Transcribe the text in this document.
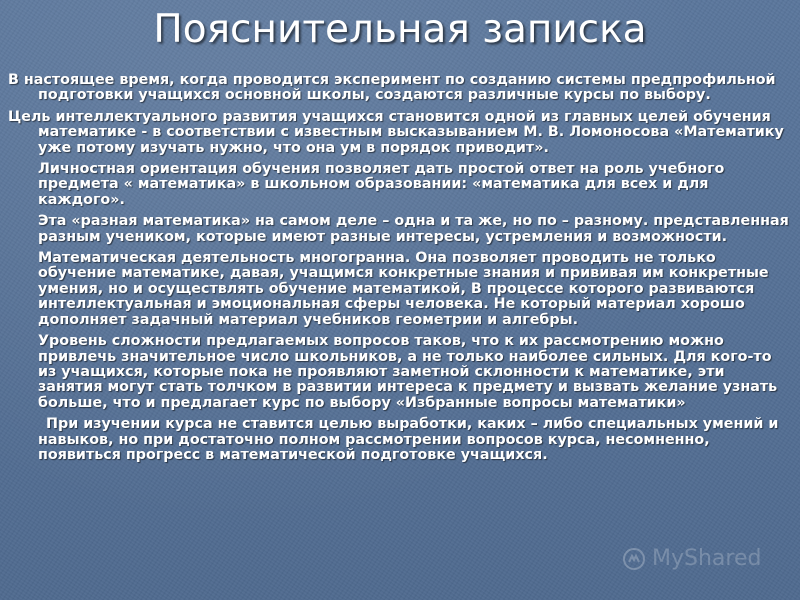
Пояснительная записка

В настоящее время, когда проводится эксперимент по созданию системы предпрофильной подготовки учащихся основной школы, создаются различные курсы по выбору.

Цель интеллектуального развития учащихся становится одной из главных целей обучения математике - в соответствии с известным высказыванием М. В. Ломоносова «Математику уже потому изучать нужно, что она ум в порядок приводит».

Личностная ориентация обучения позволяет дать простой ответ на роль учебного предмета « математика» в школьном образовании: «математика для всех и для каждого».

Эта «разная математика» на самом деле – одна и та же, но по – разному. представленная разным учеником, которые имеют разные интересы, устремления и возможности.

Математическая деятельность многогранна. Она позволяет проводить не только обучение математике, давая, учащимся конкретные знания и прививая им конкретные умения, но и осуществлять обучение математикой, В процессе которого развиваются интеллектуальная и эмоциональная сферы человека. Не который материал хорошо дополняет задачный материал учебников геометрии и алгебры.

Уровень сложности предлагаемых вопросов таков, что к их рассмотрению можно привлечь значительное число школьников, а не только наиболее сильных. Для кого-то из учащихся, которые пока не проявляют заметной склонности к математике, эти занятия могут стать толчком в развитии интереса к предмету и вызвать желание узнать больше, что и предлагает курс по выбору «Избранные вопросы математики»

При изучении курса не ставится целью выработки, каких – либо специальных умений и навыков, но при достаточно полном рассмотрении вопросов курса, несомненно, появиться прогресс в математической подготовке учащихся.

MyShared
